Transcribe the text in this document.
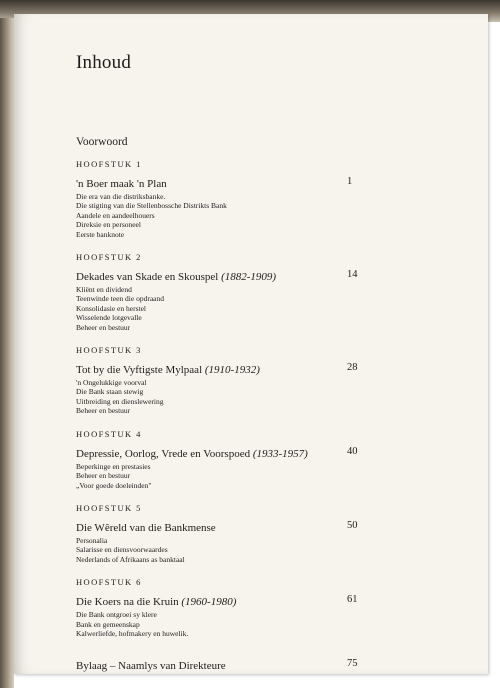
Inhoud
Voorwoord
HOOFSTUK 1
'n Boer maak 'n Plan	1
Die era van die distriksbanke.
Die stigting van die Stellenbossche Distrikts Bank
Aandele en aandeelhouers
Direksie en personeel
Eerste banknote
HOOFSTUK 2
Dekades van Skade en Skouspel (1882-1909)	14
Kliënt en dividend
Teenwinde teen die opdraand
Konsolidasie en herstel
Wisselende lotgevalle
Beheer en bestuur
HOOFSTUK 3
Tot by die Vyftigste Mylpaal (1910-1932)	28
'n Ongelukkige voorval
Die Bank staan stewig
Uitbreiding en dienslewering
Beheer en bestuur
HOOFSTUK 4
Depressie, Oorlog, Vrede en Voorspoed (1933-1957)	40
Beperkinge en prestasies
Beheer en bestuur
„Voor goede doeleinden"
HOOFSTUK 5
Die Wêreld van die Bankmense	50
Personalia
Salarisse en diensvoorwaardes
Nederlands of Afrikaans as banktaal
HOOFSTUK 6
Die Koers na die Kruin (1960-1980)	61
Die Bank ontgroei sy klere
Bank en gemeenskap
Kalwerliefde, hofmakery en huwelik.
Bylaag – Naamlys van Direkteure	75
